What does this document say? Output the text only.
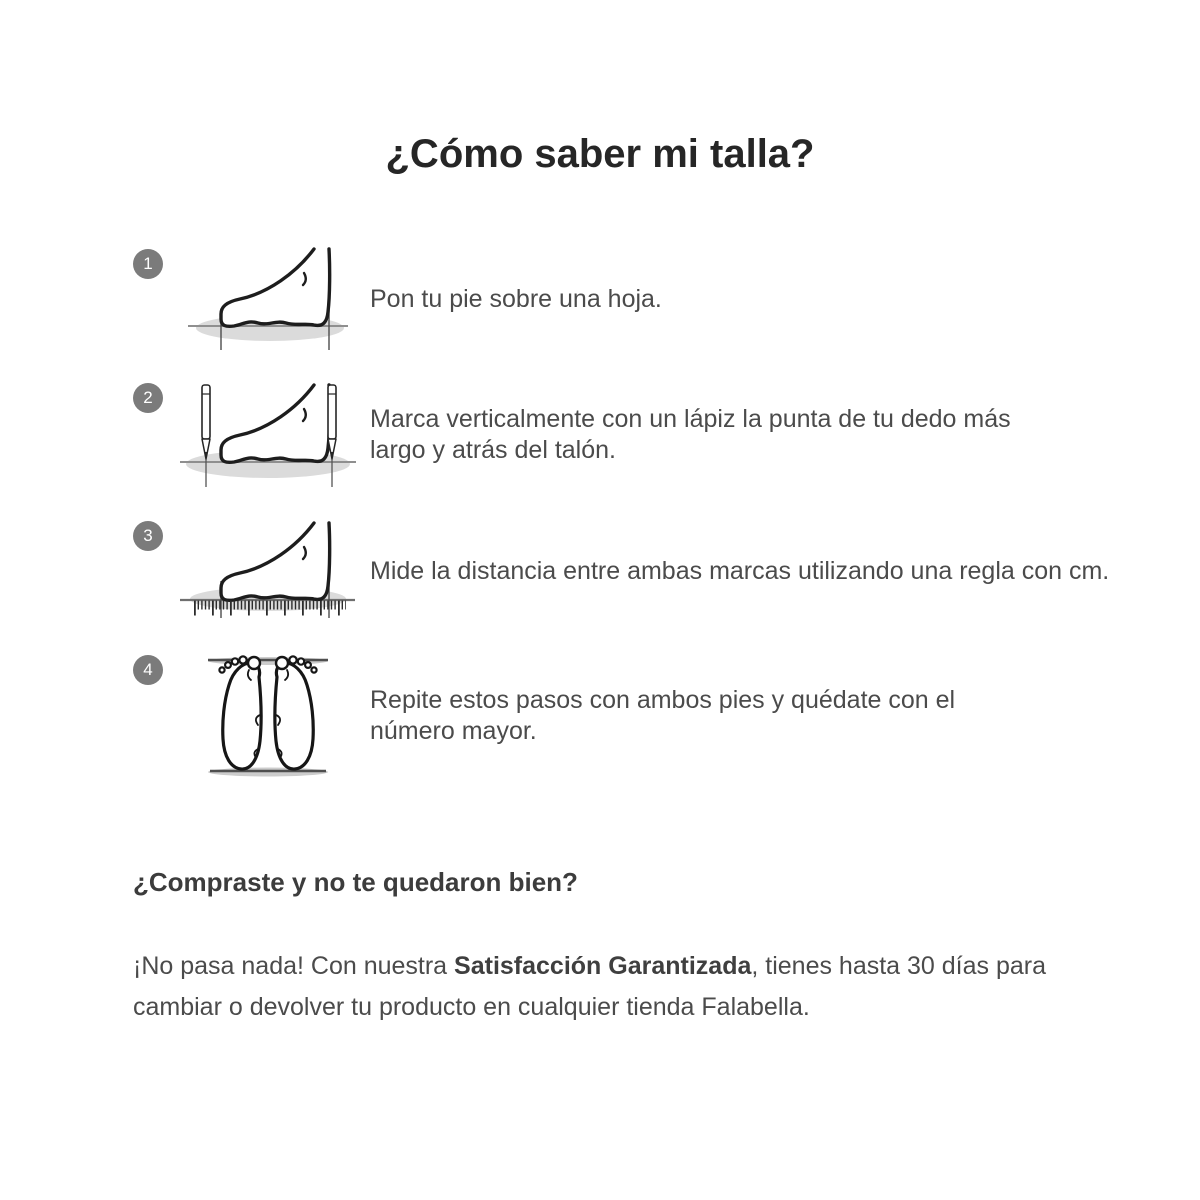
¿Cómo saber mi talla?
1
Pon tu pie sobre una hoja.
2
Marca verticalmente con un lápiz la punta de tu dedo más largo y atrás del talón.
3
Mide la distancia entre ambas marcas utilizando una regla con cm.
4
Repite estos pasos con ambos pies y quédate con el número mayor.
¿Compraste y no te quedaron bien?

¡No pasa nada! Con nuestra Satisfacción Garantizada, tienes hasta 30 días para cambiar o devolver tu producto en cualquier tienda Falabella.
